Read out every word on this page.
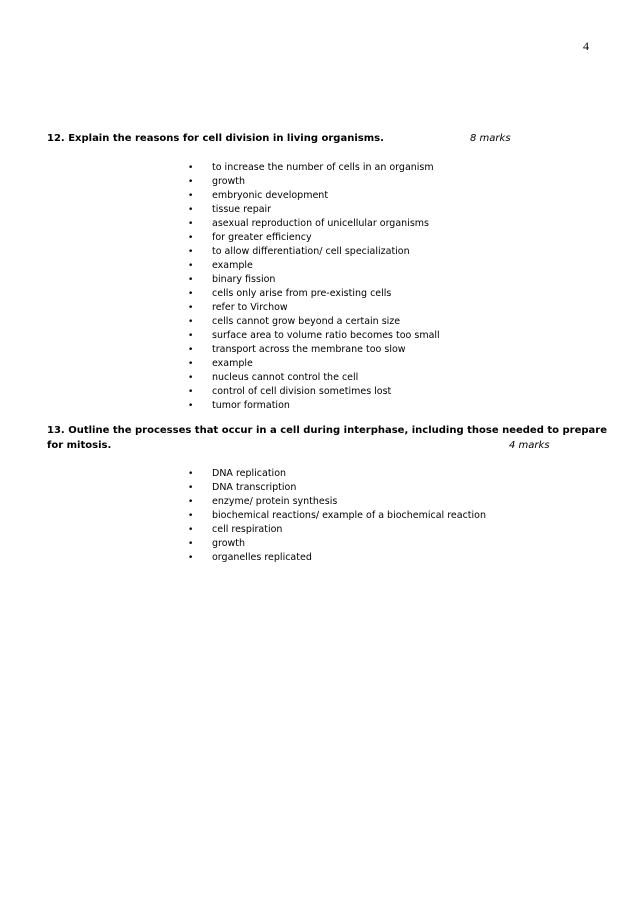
4
12. Explain the reasons for cell division in living organisms.	8 marks
• to increase the number of cells in an organism
• growth
• embryonic development
• tissue repair
• asexual reproduction of unicellular organisms
• for greater efficiency
• to allow differentiation/ cell specialization
• example
• binary fission
• cells only arise from pre-existing cells
• refer to Virchow
• cells cannot grow beyond a certain size
• surface area to volume ratio becomes too small
• transport across the membrane too slow
• example
• nucleus cannot control the cell
• control of cell division sometimes lost
• tumor formation
13. Outline the processes that occur in a cell during interphase, including those needed to prepare
for mitosis.	4 marks
• DNA replication
• DNA transcription
• enzyme/ protein synthesis
• biochemical reactions/ example of a biochemical reaction
• cell respiration
• growth
• organelles replicated
